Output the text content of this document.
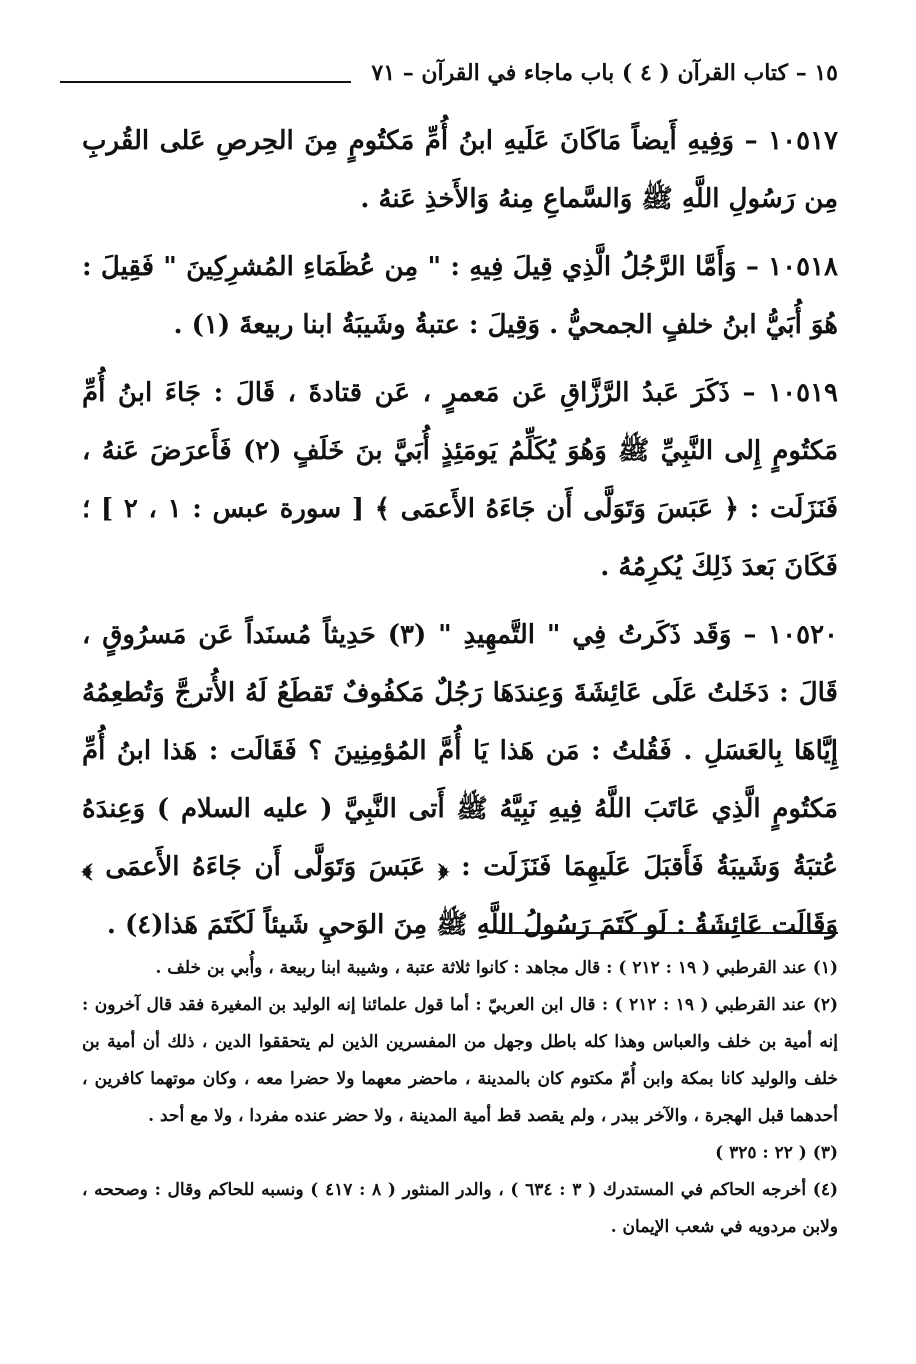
١٥ – كتاب القرآن ( ٤ ) باب ماجاء في القرآن – ٧١

١٠٥١٧ – وَفِيهِ أَيضاً مَاكَانَ عَلَيهِ ابنُ أُمِّ مَكتُومٍ مِنَ الحِرصِ عَلى القُربِ مِن رَسُولِ اللَّهِ ﷺ وَالسَّماعِ مِنهُ وَالأَخذِ عَنهُ .

١٠٥١٨ – وَأَمَّا الرَّجُلُ الَّذِي قِيلَ فِيهِ : " مِن عُظَمَاءِ المُشرِكِينَ " فَقِيلَ : هُوَ أُبَيُّ ابنُ خلفٍ الجمحيُّ . وَقِيلَ : عتبةُ وشَيبَةُ ابنا ربيعةَ (١) .

١٠٥١٩ – ذَكَرَ عَبدُ الرَّزَّاقِ عَن مَعمرٍ ، عَن قتادةَ ، قَالَ : جَاءَ ابنُ أُمِّ مَكتُومٍ إِلى النَّبِيِّ ﷺ وَهُوَ يُكَلِّمُ يَومَئِذٍ أُبَيَّ بنَ خَلَفٍ (٢) فَأَعرَضَ عَنهُ ، فَنَزَلَت : ﴿ عَبَسَ وَتَوَلَّى أَن جَاءَهُ الأَعمَى ﴾ [ سورة عبس : ١ ، ٢ ] ؛ فَكَانَ بَعدَ ذَلِكَ يُكرِمُهُ .

١٠٥٢٠ – وَقَد ذَكَرتُ فِي " التَّمهِيدِ " (٣) حَدِيثاً مُسنَداً عَن مَسرُوقٍ ، قَالَ : دَخَلتُ عَلَى عَائِشَةَ وَعِندَهَا رَجُلٌ مَكفُوفٌ تَقطَعُ لَهُ الأُترجَّ وَتُطعِمُهُ إِيَّاهَا بِالعَسَلِ . فَقُلتُ : مَن هَذا يَا أُمَّ المُؤمِنِينَ ؟ فَقَالَت : هَذا ابنُ أُمِّ مَكتُومٍ الَّذِي عَاتَبَ اللَّهُ فِيهِ نَبِيَّهُ ﷺ أَتى النَّبِيَّ ( عليه السلام ) وَعِندَهُ عُتبَةُ وَشَيبَةُ فَأَقبَلَ عَلَيهِمَا فَنَزَلَت : ﴿ عَبَسَ وَتَوَلَّى أَن جَاءَهُ الأَعمَى ﴾ وَقَالَت عَائِشَةُ : لَو كَتَمَ رَسُولُ اللَّهِ ﷺ مِنَ الوَحيِ شَيئاً لَكَتَمَ هَذا(٤) .

(١) عند القرطبي ( ١٩ : ٢١٢ ) : قال مجاهد : كانوا ثلاثة عتبة ، وشيبة ابنا ربيعة ، وأُبي بن خلف .

(٢) عند القرطبي ( ١٩ : ٢١٢ ) : قال ابن العربيّ : أما قول علمائنا إنه الوليد بن المغيرة فقد قال آخرون : إنه أمية بن خلف والعباس وهذا كله باطل وجهل من المفسرين الذين لم يتحققوا الدين ، ذلك أن أمية بن خلف والوليد كانا بمكة وابن أُمّ مكتوم كان بالمدينة ، ماحضر معهما ولا حضرا معه ، وكان موتهما كافرين ، أحدهما قبل الهجرة ، والآخر ببدر ، ولم يقصد قط أمية المدينة ، ولا حضر عنده مفردا ، ولا مع أحد .

(٣) ( ٢٢ : ٣٢٥ )

(٤) أخرجه الحاكم في المستدرك ( ٣ : ٦٣٤ ) ، والدر المنثور ( ٨ : ٤١٧ ) ونسبه للحاكم وقال : وصححه ، ولابن مردويه في شعب الإيمان .
